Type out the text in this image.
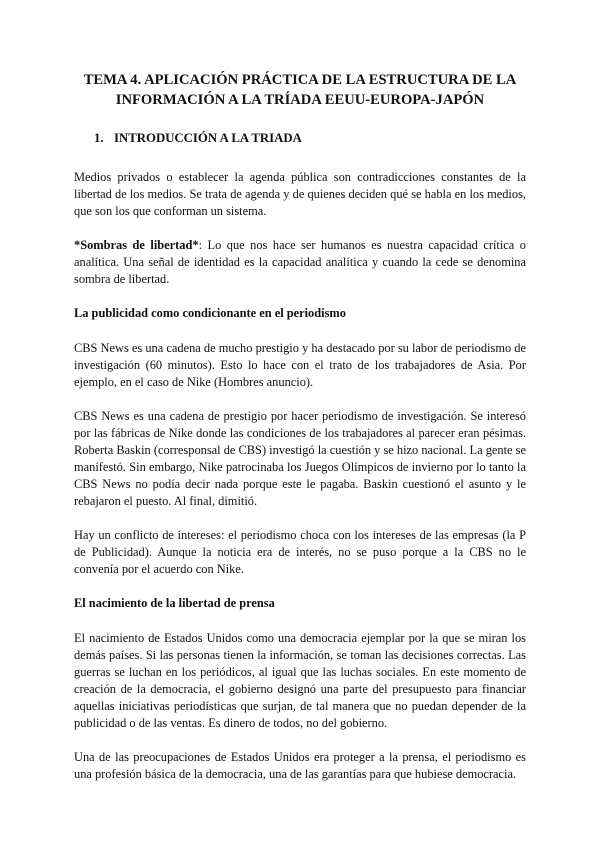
TEMA 4. APLICACIÓN PRÁCTICA DE LA ESTRUCTURA DE LA INFORMACIÓN A LA TRÍADA EEUU-EUROPA-JAPÓN
1. INTRODUCCIÓN A LA TRIADA

Medios privados o establecer la agenda pública son contradicciones constantes de la libertad de los medios. Se trata de agenda y de quienes deciden qué se habla en los medios, que son los que conforman un sistema.

*Sombras de libertad*: Lo que nos hace ser humanos es nuestra capacidad crítica o analítica. Una señal de identidad es la capacidad analítica y cuando la cede se denomina sombra de libertad.

La publicidad como condicionante en el periodismo

CBS News es una cadena de mucho prestigio y ha destacado por su labor de periodismo de investigación (60 minutos). Esto lo hace con el trato de los trabajadores de Asia. Por ejemplo, en el caso de Nike (Hombres anuncio).

CBS News es una cadena de prestigio por hacer periodismo de investigación. Se interesó por las fábricas de Nike donde las condiciones de los trabajadores al parecer eran pésimas. Roberta Baskin (corresponsal de CBS) investigó la cuestión y se hizo nacional. La gente se manifestó. Sin embargo, Nike patrocinaba los Juegos Olímpicos de invierno por lo tanto la CBS News no podía decir nada porque este le pagaba. Baskin cuestionó el asunto y le rebajaron el puesto. Al final, dimitió.

Hay un conflicto de intereses: el periodismo choca con los intereses de las empresas (la P de Publicidad). Aunque la noticia era de interés, no se puso porque a la CBS no le convenía por el acuerdo con Nike.

El nacimiento de la libertad de prensa

El nacimiento de Estados Unidos como una democracia ejemplar por la que se miran los demás países. Si las personas tienen la información, se toman las decisiones correctas. Las guerras se luchan en los periódicos, al igual que las luchas sociales. En este momento de creación de la democracia, el gobierno designó una parte del presupuesto para financiar aquellas iniciativas periodísticas que surjan, de tal manera que no puedan depender de la publicidad o de las ventas. Es dinero de todos, no del gobierno.

Una de las preocupaciones de Estados Unidos era proteger a la prensa, el periodismo es una profesión básica de la democracia, una de las garantías para que hubiese democracia.
